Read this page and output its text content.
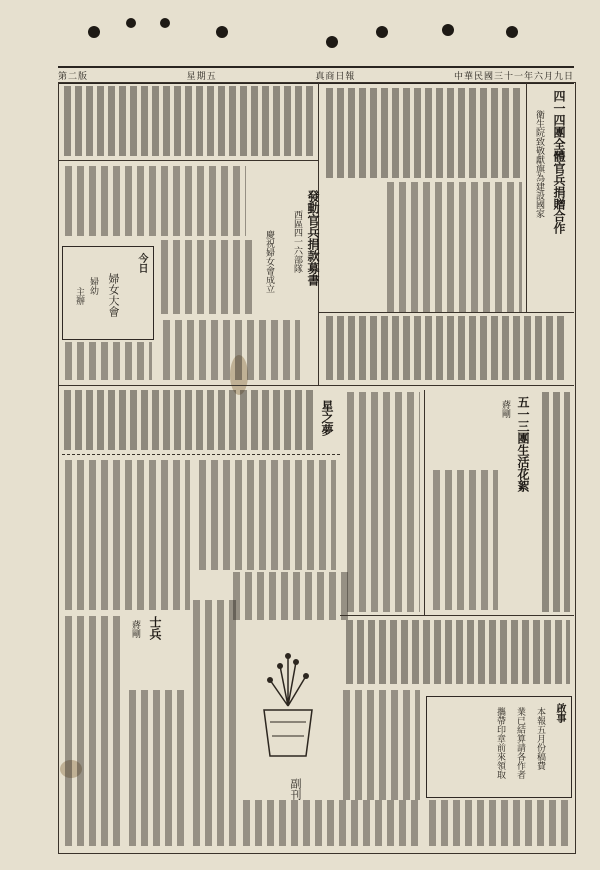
第二版	星期五	真商日報	中華民國三十一年六月九日
四一四團全體官兵捐贈合作
衛生院致敬獻旗為建設國家
發動官兵捐款募書
西區四一六部隊
慶祝婦女會成立
今日
婦女大會
婦幼
主辦
五一三團生活花絮
蔣剛
星之夢
士兵
蔣剛
副刊
啟事
本報五月份稿費
業已結算請各作者
攜帶印章前來領取
